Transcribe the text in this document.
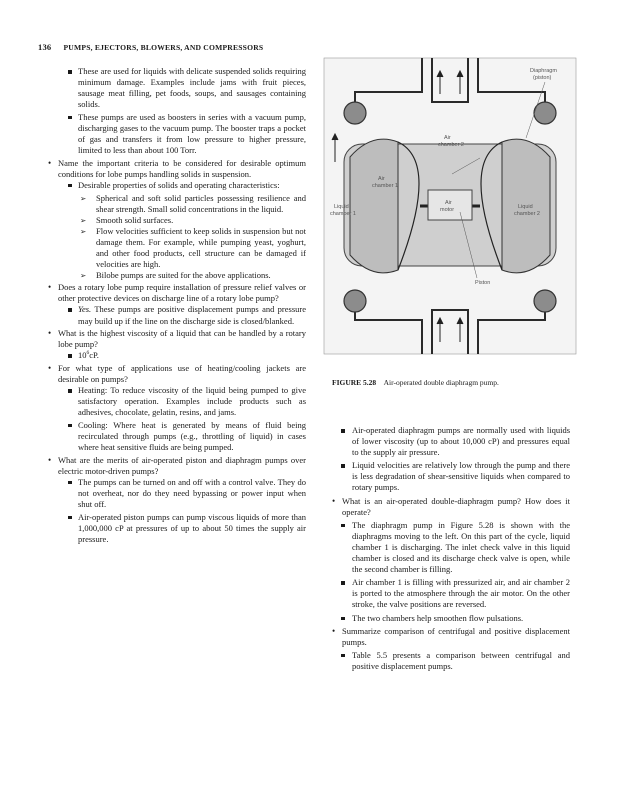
136 PUMPS, EJECTORS, BLOWERS, AND COMPRESSORS

These are used for liquids with delicate suspended solids requiring minimum damage. Examples include jams with fruit pieces, sausage meat filling, pet foods, soups, and sausages containing solids.

These pumps are used as boosters in series with a vacuum pump, discharging gases to the vacuum pump. The booster traps a pocket of gas and transfers it from low pressure to higher pressure, limited to less than about 100 Torr.

• Name the important criteria to be considered for desirable optimum conditions for lobe pumps handling solids in suspension.

Desirable properties of solids and operating characteristics:

➢ Spherical and soft solid particles possessing resilience and shear strength. Small solid concentrations in the liquid.

➢ Smooth solid surfaces.

➢ Flow velocities sufficient to keep solids in suspension but not damage them. For example, while pumping yeast, yoghurt, and other food products, cell structure can be damaged if velocities are high.

➢ Bilobe pumps are suited for the above applications.

• Does a rotary lobe pump require installation of pressure relief valves or other protective devices on discharge line of a rotary lobe pump?

Yes. These pumps are positive displacement pumps and pressure may build up if the line on the discharge side is closed/blanked.

• What is the highest viscosity of a liquid that can be handled by a rotary lobe pump?

$10^6cP$.

• For what type of applications use of heating/cooling jackets are desirable on pumps?

Heating: To reduce viscosity of the liquid being pumped to give satisfactory operation. Examples include products such as adhesives, chocolate, gelatin, resins, and jams.

Cooling: Where heat is generated by means of fluid being recirculated through pumps (e.g., throttling of liquid) in cases where heat sensitive fluids are being pumped.

• What are the merits of air-operated piston and diaphragm pumps over electric motor-driven pumps?

The pumps can be turned on and off with a control valve. They do not overheat, nor do they need bypassing or power input when shut off.

Air-operated piston pumps can pump viscous liquids of more than 1,000,000 cP at pressures of up to about 50 times the supply air pressure.

Diaphragm
(piston)
Air
chamber 2
Air
chamber 1
Liquid
chamber 1
Air
motor	Liquid
chamber 2
Piston
FIGURE 5.28 Air-operated double diaphragm pump.

Air-operated diaphragm pumps are normally used with liquids of lower viscosity (up to about 10,000 cP) and pressures equal to the supply air pressure.

Liquid velocities are relatively low through the pump and there is less degradation of shear-sensitive liquids when compared to rotary pumps.

• What is an air-operated double-diaphragm pump? How does it operate?

The diaphragm pump in Figure 5.28 is shown with the diaphragms moving to the left. On this part of the cycle, liquid chamber 1 is discharging. The inlet check valve in this liquid chamber is closed and its discharge check valve is open, while the second chamber is filling.

Air chamber 1 is filling with pressurized air, and air chamber 2 is ported to the atmosphere through the air motor. On the other stroke, the valve positions are reversed.

The two chambers help smoothen flow pulsations.

• Summarize comparison of centrifugal and positive displacement pumps.

Table 5.5 presents a comparison between centrifugal and positive displacement pumps.
